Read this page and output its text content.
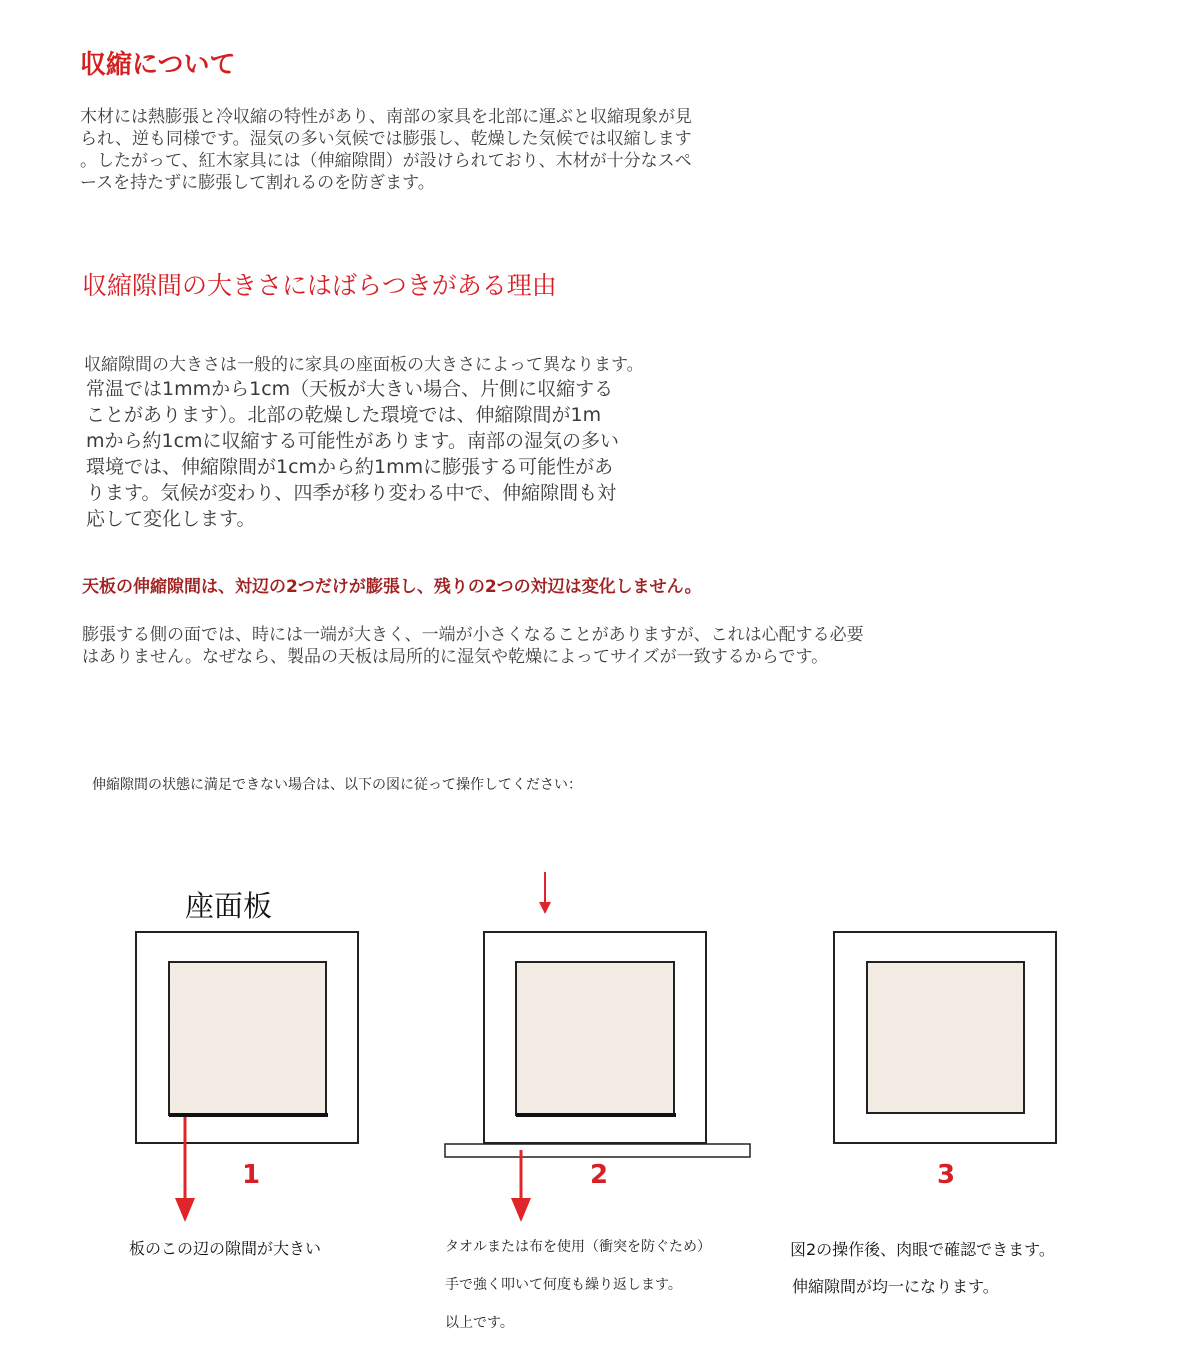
収縮について
木材には熱膨張と冷収縮の特性があり、南部の家具を北部に運ぶと収縮現象が見
られ、逆も同様です。湿気の多い気候では膨張し、乾燥した気候では収縮します
。したがって、紅木家具には（伸縮隙間）が設けられており、木材が十分なスペ
ースを持たずに膨張して割れるのを防ぎます。
収縮隙間の大きさにはばらつきがある理由
収縮隙間の大きさは一般的に家具の座面板の大きさによって異なります。
常温では1mmから1cm（天板が大きい場合、片側に収縮する
ことがあります）。北部の乾燥した環境では、伸縮隙間が1m
mから約1cmに収縮する可能性があります。南部の湿気の多い
環境では、伸縮隙間が1cmから約1mmに膨張する可能性があ
ります。気候が変わり、四季が移り変わる中で、伸縮隙間も対
応して変化します。
天板の伸縮隙間は、対辺の2つだけが膨張し、残りの2つの対辺は変化しません。
膨張する側の面では、時には一端が大きく、一端が小さくなることがありますが、これは心配する必要
はありません。なぜなら、製品の天板は局所的に湿気や乾燥によってサイズが一致するからです。
伸縮隙間の状態に満足できない場合は、以下の図に従って操作してください：
座面板
1	2	3
板のこの辺の隙間が大きい	タオルまたは布を使用（衝突を防ぐため）
手で強く叩いて何度も繰り返します。
以上です。
図2の操作後、肉眼で確認できます。
伸縮隙間が均一になります。
